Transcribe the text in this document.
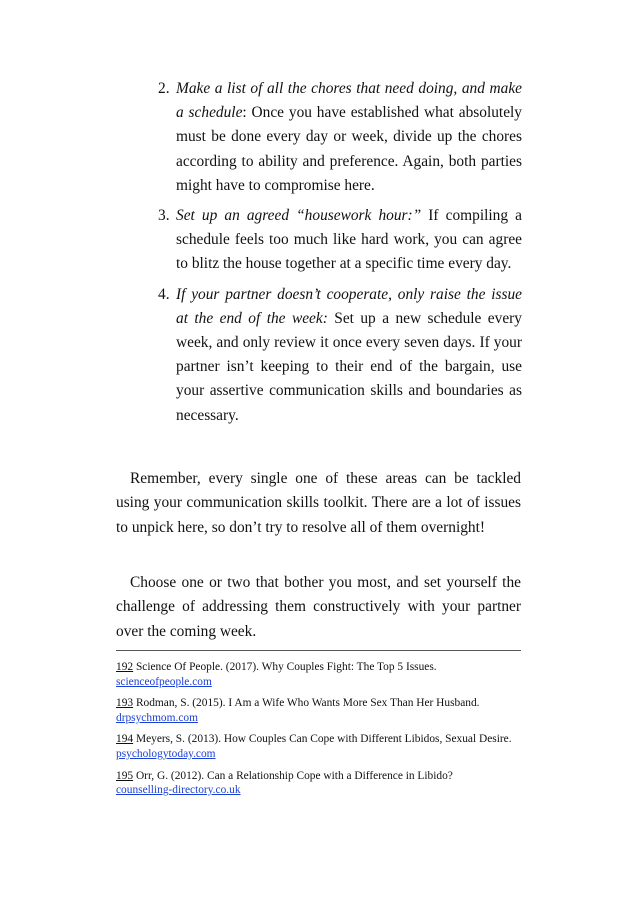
2. Make a list of all the chores that need doing, and make a schedule: Once you have established what absolutely must be done every day or week, divide up the chores according to ability and preference. Again, both parties might have to compromise here.
3. Set up an agreed “housework hour:” If compiling a schedule feels too much like hard work, you can agree to blitz the house together at a specific time every day.
4. If your partner doesn’t cooperate, only raise the issue at the end of the week: Set up a new schedule every week, and only review it once every seven days. If your partner isn’t keeping to their end of the bargain, use your assertive communication skills and boundaries as necessary.

Remember, every single one of these areas can be tackled using your communication skills toolkit. There are a lot of issues to unpick here, so don’t try to resolve all of them overnight!

Choose one or two that bother you most, and set yourself the challenge of addressing them constructively with your partner over the coming week.

192 Science Of People. (2017). Why Couples Fight: The Top 5 Issues.
scienceofpeople.com

193 Rodman, S. (2015). I Am a Wife Who Wants More Sex Than Her Husband.
drpsychmom.com

194 Meyers, S. (2013). How Couples Can Cope with Different Libidos, Sexual Desire. psychologytoday.com

195 Orr, G. (2012). Can a Relationship Cope with a Difference in Libido?
counselling-directory.co.uk
